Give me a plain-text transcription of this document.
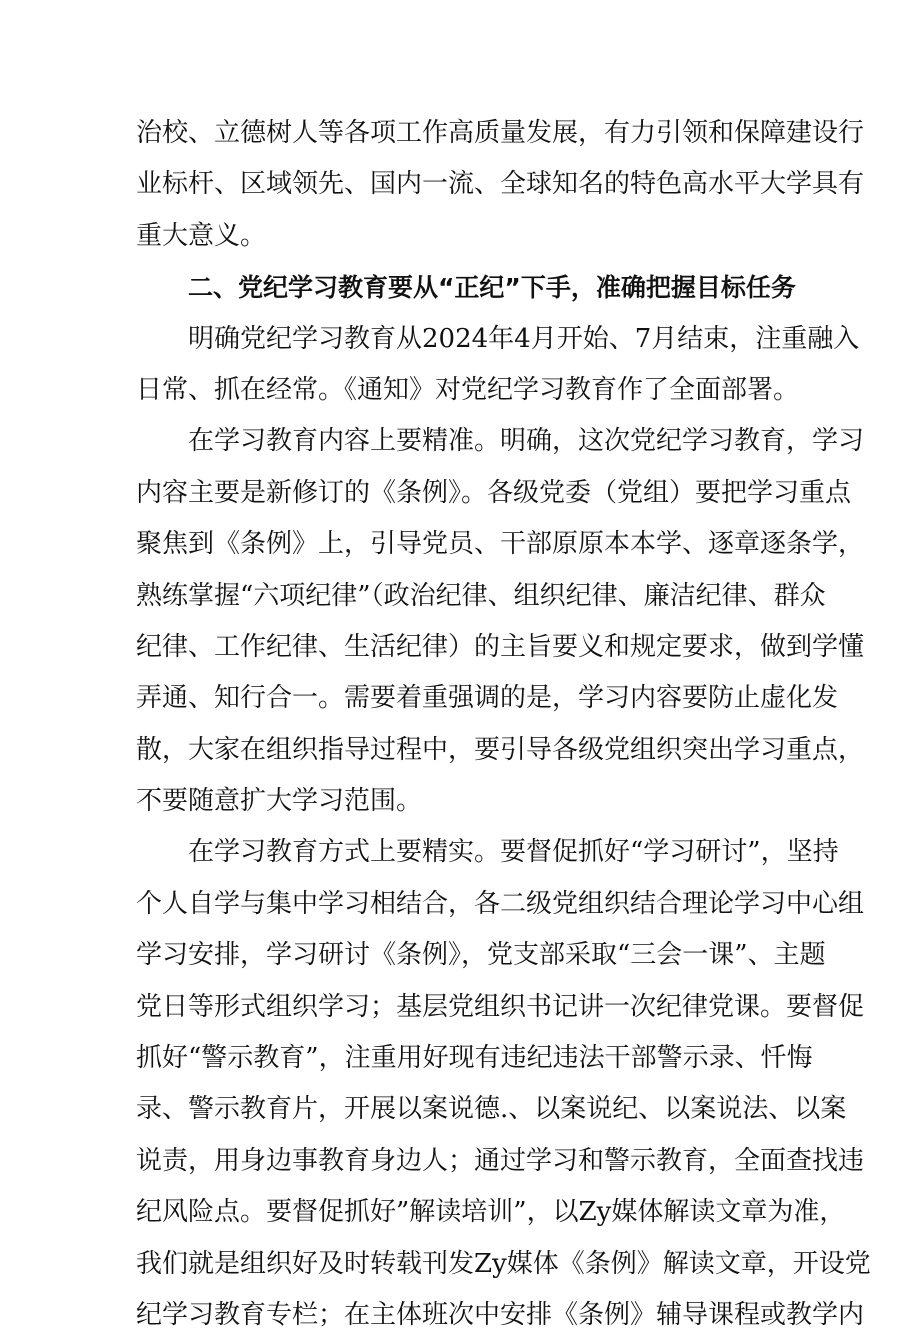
治校、立德树人等各项工作高质量发展，有力引领和保障建设行
业标杆、区域领先、国内一流、全球知名的特色高水平大学具有
重大意义。
二、党纪学习教育要从“正纪”下手，准确把握目标任务
明确党纪学习教育从2024年4月开始、7月结束，注重融入
日常、抓在经常。《通知》对党纪学习教育作了全面部署。
在学习教育内容上要精准。明确，这次党纪学习教育，学习
内容主要是新修订的《条例》。各级党委（党组）要把学习重点
聚焦到《条例》上，引导党员、干部原原本本学、逐章逐条学，
熟练掌握“六项纪律”（政治纪律、组织纪律、廉洁纪律、群众
纪律、工作纪律、生活纪律）的主旨要义和规定要求，做到学懂
弄通、知行合一。需要着重强调的是，学习内容要防止虚化发
散，大家在组织指导过程中，要引导各级党组织突出学习重点，
不要随意扩大学习范围。
在学习教育方式上要精实。要督促抓好“学习研讨”，坚持
个人自学与集中学习相结合，各二级党组织结合理论学习中心组
学习安排，学习研讨《条例》，党支部采取“三会一课”、主题
党日等形式组织学习；基层党组织书记讲一次纪律党课。要督促
抓好“警示教育”，注重用好现有违纪违法干部警示录、忏悔
录、警示教育片，开展以案说德.、以案说纪、以案说法、以案
说责，用身边事教育身边人；通过学习和警示教育，全面查找违
纪风险点。要督促抓好”解读培训”，以Zy媒体解读文章为准，
我们就是组织好及时转载刊发Zy媒体《条例》解读文章，开设党
纪学习教育专栏；在主体班次中安排《条例》辅导课程或教学内
